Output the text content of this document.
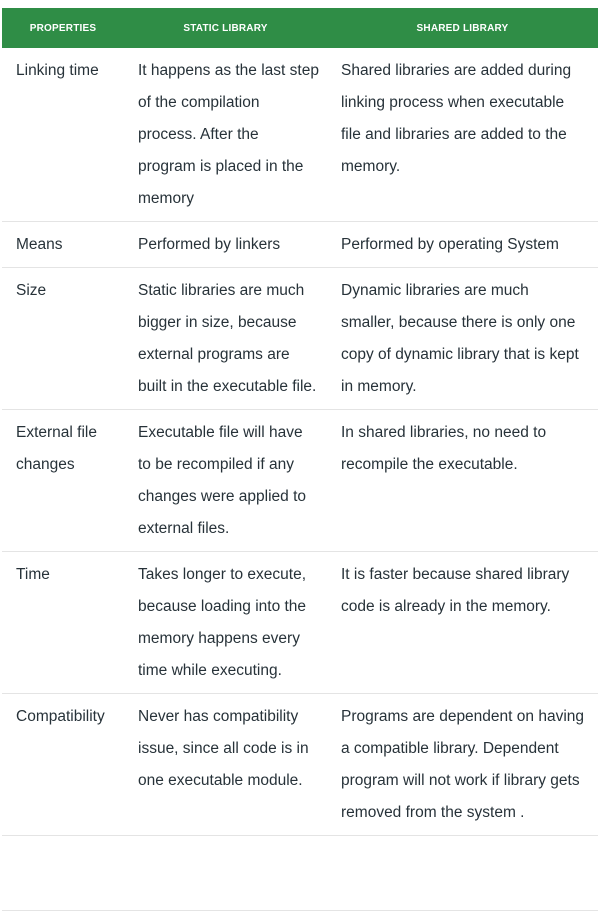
PROPERTIES	STATIC LIBRARY	SHARED LIBRARY
Linking time	It happens as the last step of the compilation process. After the program is placed in the memory	Shared libraries are added during linking process when executable file and libraries are added to the memory.
Means	Performed by linkers	Performed by operating System
Size	Static libraries are much bigger in size, because external programs are built in the executable file.	Dynamic libraries are much smaller, because there is only one copy of dynamic library that is kept in memory.
External file changes	Executable file will have to be recompiled if any changes were applied to external files.	In shared libraries, no need to recompile the executable.
Time	Takes longer to execute, because loading into the memory happens every time while executing.	It is faster because shared library code is already in the memory.
Compatibility	Never has compatibility issue, since all code is in one executable module.	Programs are dependent on having a compatible library. Dependent program will not work if library gets removed from the system .
